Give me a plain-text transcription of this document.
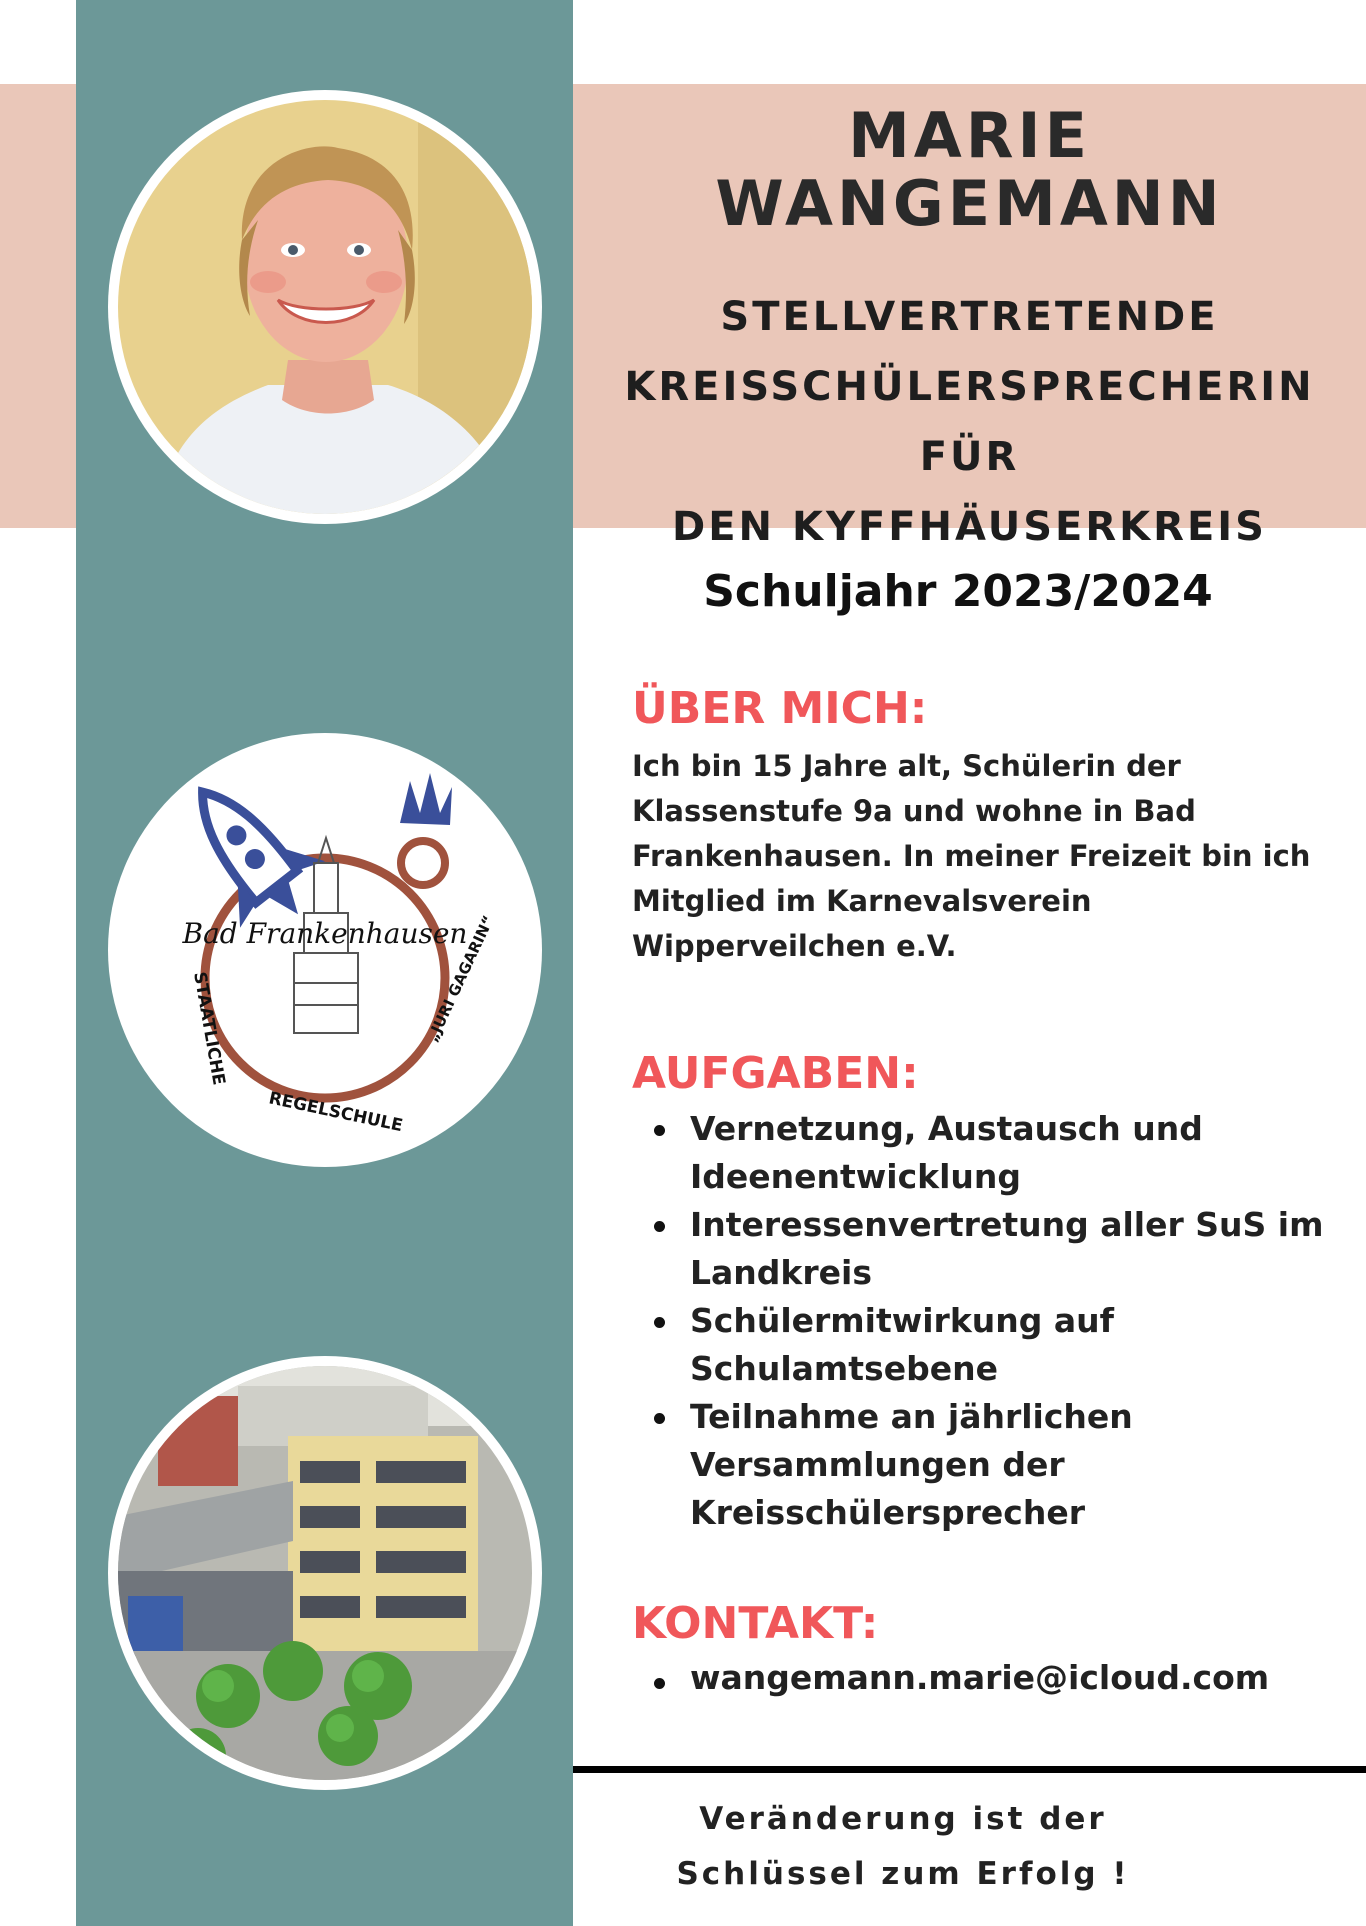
Bad Frankenhausen
STAATLICHE
REGELSCHULE
„JURI GAGARIN“
MARIE
WANGEMANN
STELLVERTRETENDE
KREISSCHÜLERSPRECHERIN FÜR
DEN KYFFHÄUSERKREIS
Schuljahr 2023/2024
ÜBER MICH:

Ich bin 15 Jahre alt, Schülerin der Klassenstufe 9a und wohne in Bad Frankenhausen. In meiner Freizeit bin ich Mitglied im Karnevalsverein Wipperveilchen e.V.

AUFGABEN:
Vernetzung, Austausch und Ideenentwicklung
Interessenvertretung aller SuS im Landkreis
Schülermitwirkung auf Schulamtsebene
Teilnahme an jährlichen Versammlungen der Kreisschülersprecher
KONTAKT:
wangemann.marie@icloud.com
Veränderung ist der
Schlüssel zum Erfolg !
